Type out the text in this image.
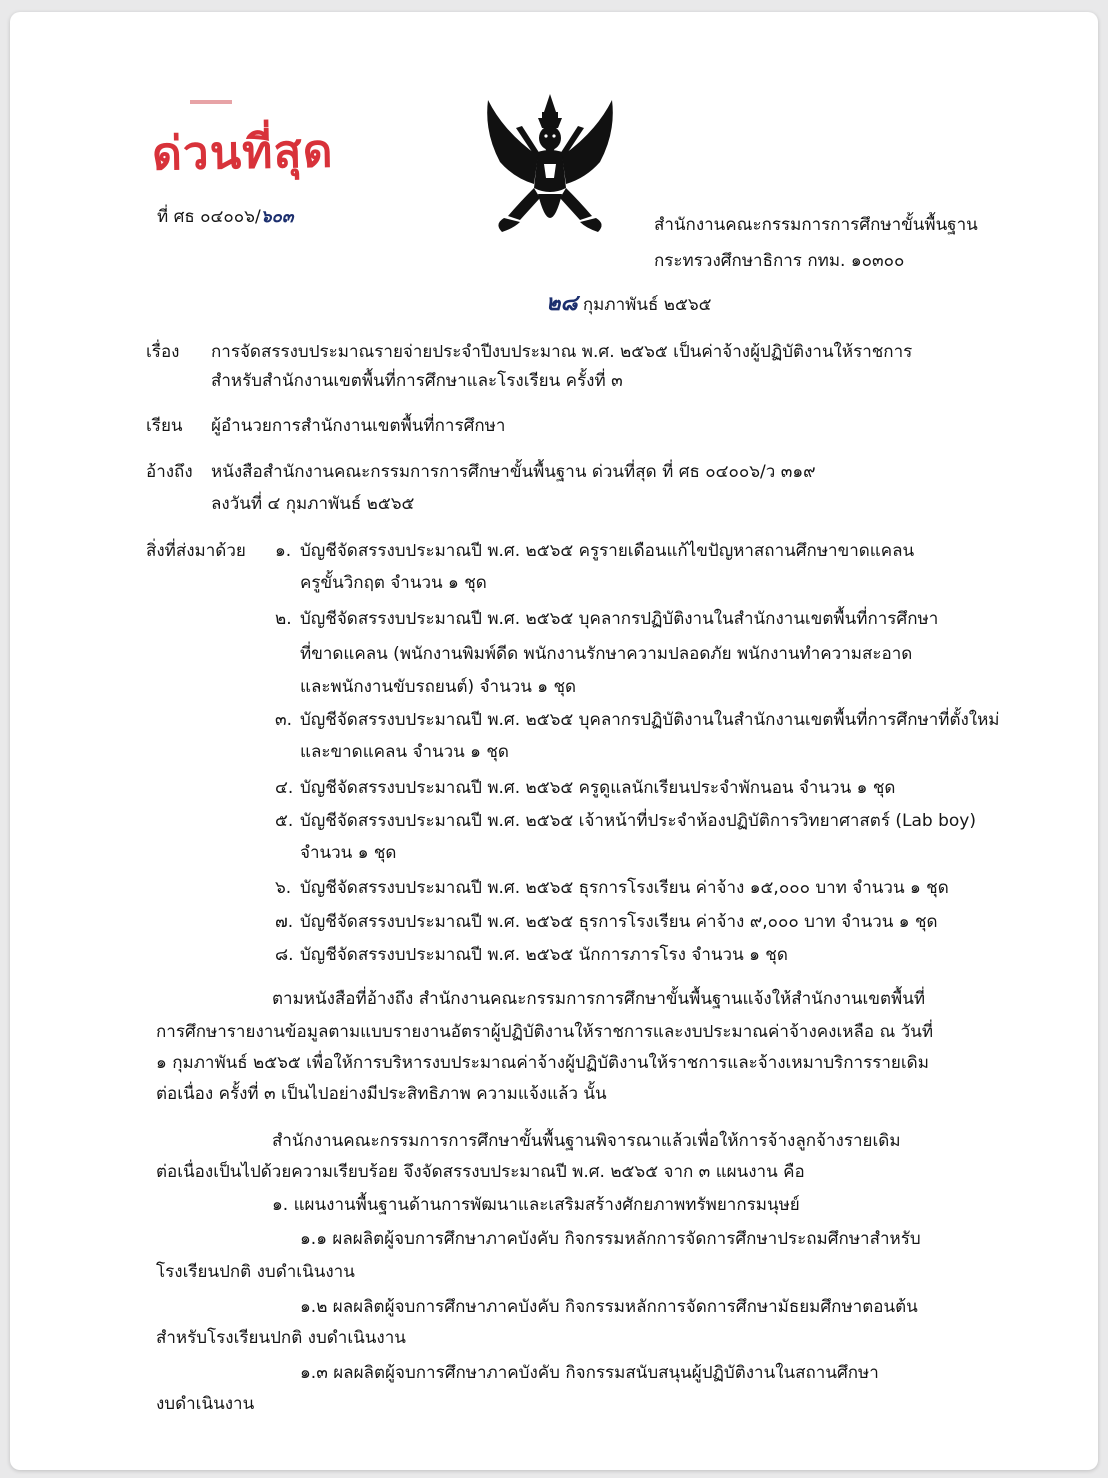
ด่วนที่สุด
ที่ ศธ ๐๔๐๐๖/๖๐๓	สำนักงานคณะกรรมการการศึกษาขั้นพื้นฐาน
กระทรวงศึกษาธิการ กทม. ๑๐๓๐๐
๒๘ กุมภาพันธ์ ๒๕๖๕
เรื่อง การจัดสรรงบประมาณรายจ่ายประจำปีงบประมาณ พ.ศ. ๒๕๖๕ เป็นค่าจ้างผู้ปฏิบัติงานให้ราชการ
สำหรับสำนักงานเขตพื้นที่การศึกษาและโรงเรียน ครั้งที่ ๓
เรียน ผู้อำนวยการสำนักงานเขตพื้นที่การศึกษา
อ้างถึง หนังสือสำนักงานคณะกรรมการการศึกษาขั้นพื้นฐาน ด่วนที่สุด ที่ ศธ ๐๔๐๐๖/ว ๓๑๙
ลงวันที่ ๔ กุมภาพันธ์ ๒๕๖๕
สิ่งที่ส่งมาด้วย ๑. บัญชีจัดสรรงบประมาณปี พ.ศ. ๒๕๖๕ ครูรายเดือนแก้ไขปัญหาสถานศึกษาขาดแคลน
ครูขั้นวิกฤต จำนวน ๑ ชุด
๒. บัญชีจัดสรรงบประมาณปี พ.ศ. ๒๕๖๕ บุคลากรปฏิบัติงานในสำนักงานเขตพื้นที่การศึกษา
ที่ขาดแคลน (พนักงานพิมพ์ดีด พนักงานรักษาความปลอดภัย พนักงานทำความสะอาด
และพนักงานขับรถยนต์) จำนวน ๑ ชุด
๓. บัญชีจัดสรรงบประมาณปี พ.ศ. ๒๕๖๕ บุคลากรปฏิบัติงานในสำนักงานเขตพื้นที่การศึกษาที่ตั้งใหม่
และขาดแคลน จำนวน ๑ ชุด
๔. บัญชีจัดสรรงบประมาณปี พ.ศ. ๒๕๖๕ ครูดูแลนักเรียนประจำพักนอน จำนวน ๑ ชุด
๕. บัญชีจัดสรรงบประมาณปี พ.ศ. ๒๕๖๕ เจ้าหน้าที่ประจำห้องปฏิบัติการวิทยาศาสตร์ (Lab boy)
จำนวน ๑ ชุด
๖. บัญชีจัดสรรงบประมาณปี พ.ศ. ๒๕๖๕ ธุรการโรงเรียน ค่าจ้าง ๑๕,๐๐๐ บาท จำนวน ๑ ชุด
๗. บัญชีจัดสรรงบประมาณปี พ.ศ. ๒๕๖๕ ธุรการโรงเรียน ค่าจ้าง ๙,๐๐๐ บาท จำนวน ๑ ชุด
๘. บัญชีจัดสรรงบประมาณปี พ.ศ. ๒๕๖๕ นักการภารโรง จำนวน ๑ ชุด
ตามหนังสือที่อ้างถึง สำนักงานคณะกรรมการการศึกษาขั้นพื้นฐานแจ้งให้สำนักงานเขตพื้นที่
การศึกษารายงานข้อมูลตามแบบรายงานอัตราผู้ปฏิบัติงานให้ราชการและงบประมาณค่าจ้างคงเหลือ ณ วันที่
๑ กุมภาพันธ์ ๒๕๖๕ เพื่อให้การบริหารงบประมาณค่าจ้างผู้ปฏิบัติงานให้ราชการและจ้างเหมาบริการรายเดิม
ต่อเนื่อง ครั้งที่ ๓ เป็นไปอย่างมีประสิทธิภาพ ความแจ้งแล้ว นั้น
สำนักงานคณะกรรมการการศึกษาขั้นพื้นฐานพิจารณาแล้วเพื่อให้การจ้างลูกจ้างรายเดิม
ต่อเนื่องเป็นไปด้วยความเรียบร้อย จึงจัดสรรงบประมาณปี พ.ศ. ๒๕๖๕ จาก ๓ แผนงาน คือ
๑. แผนงานพื้นฐานด้านการพัฒนาและเสริมสร้างศักยภาพทรัพยากรมนุษย์
๑.๑ ผลผลิตผู้จบการศึกษาภาคบังคับ กิจกรรมหลักการจัดการศึกษาประถมศึกษาสำหรับ
โรงเรียนปกติ งบดำเนินงาน
๑.๒ ผลผลิตผู้จบการศึกษาภาคบังคับ กิจกรรมหลักการจัดการศึกษามัธยมศึกษาตอนต้น
สำหรับโรงเรียนปกติ งบดำเนินงาน
๑.๓ ผลผลิตผู้จบการศึกษาภาคบังคับ กิจกรรมสนับสนุนผู้ปฏิบัติงานในสถานศึกษา
งบดำเนินงาน
